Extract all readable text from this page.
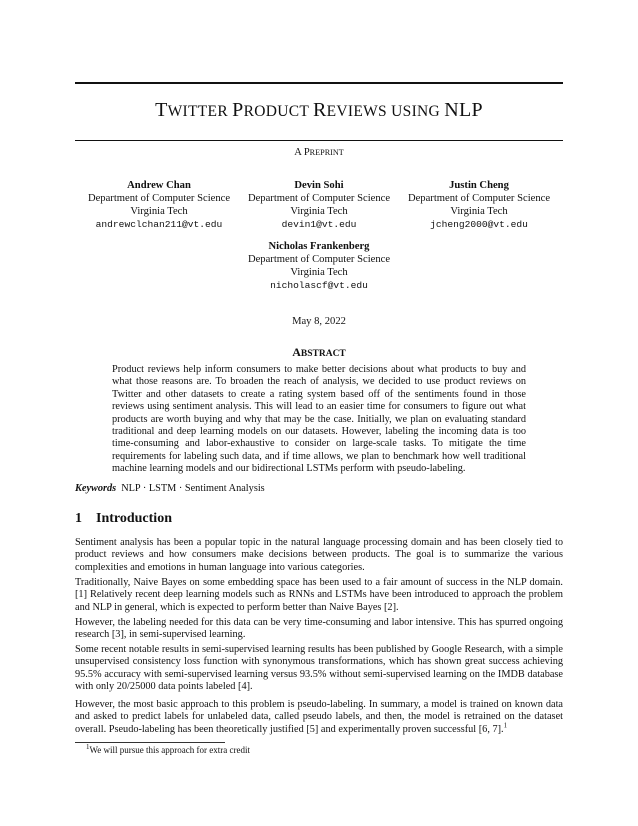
TWITTER PRODUCT REVIEWS USING NLP
A PREPRINT
Andrew Chan
Department of Computer Science
Virginia Tech
andrewclchan211@vt.edu
Devin Sohi
Department of Computer Science
Virginia Tech
devin1@vt.edu
Justin Cheng
Department of Computer Science
Virginia Tech
jcheng2000@vt.edu
Nicholas Frankenberg
Department of Computer Science
Virginia Tech
nicholascf@vt.edu
May 8, 2022
ABSTRACT
Product reviews help inform consumers to make better decisions about what products to buy and what those reasons are. To broaden the reach of analysis, we decided to use product reviews on Twitter and other datasets to create a rating system based off of the sentiments found in those reviews using sentiment analysis. This will lead to an easier time for consumers to figure out what products are worth buying and why that may be the case. Initially, we plan on evaluating standard traditional and deep learning models on our datasets. However, labeling the incoming data is too time-consuming and labor-exhaustive to consider on large-scale tasks. To mitigate the time requirements for labeling such data, and if time allows, we plan to benchmark how well traditional machine learning models and our bidirectional LSTMs perform with pseudo-labeling.
Keywords NLP · LSTM · Sentiment Analysis
1 Introduction
Sentiment analysis has been a popular topic in the natural language processing domain and has been closely tied to product reviews and how consumers make decisions between products. The goal is to summarize the various complexities and emotions in human language into various categories.
Traditionally, Naive Bayes on some embedding space has been used to a fair amount of success in the NLP domain.[1] Relatively recent deep learning models such as RNNs and LSTMs have been introduced to approach the problem and NLP in general, which is expected to perform better than Naive Bayes [2].
However, the labeling needed for this data can be very time-consuming and labor intensive. This has spurred ongoing research [3], in semi-supervised learning.
Some recent notable results in semi-supervised learning results has been published by Google Research, with a simple unsupervised consistency loss function with synonymous transformations, which has shown great success achieving 95.5% accuracy with semi-supervised learning versus 93.5% without semi-supervised learning on the IMDB database with only 20/25000 data points labeled [4].
However, the most basic approach to this problem is pseudo-labeling. In summary, a model is trained on known data and asked to predict labels for unlabeled data, called pseudo labels, and then, the model is retrained on the dataset overall. Pseudo-labeling has been theoretically justified [5] and experimentally proven successful [6, 7].$^1$
$^1$We will pursue this approach for extra credit
